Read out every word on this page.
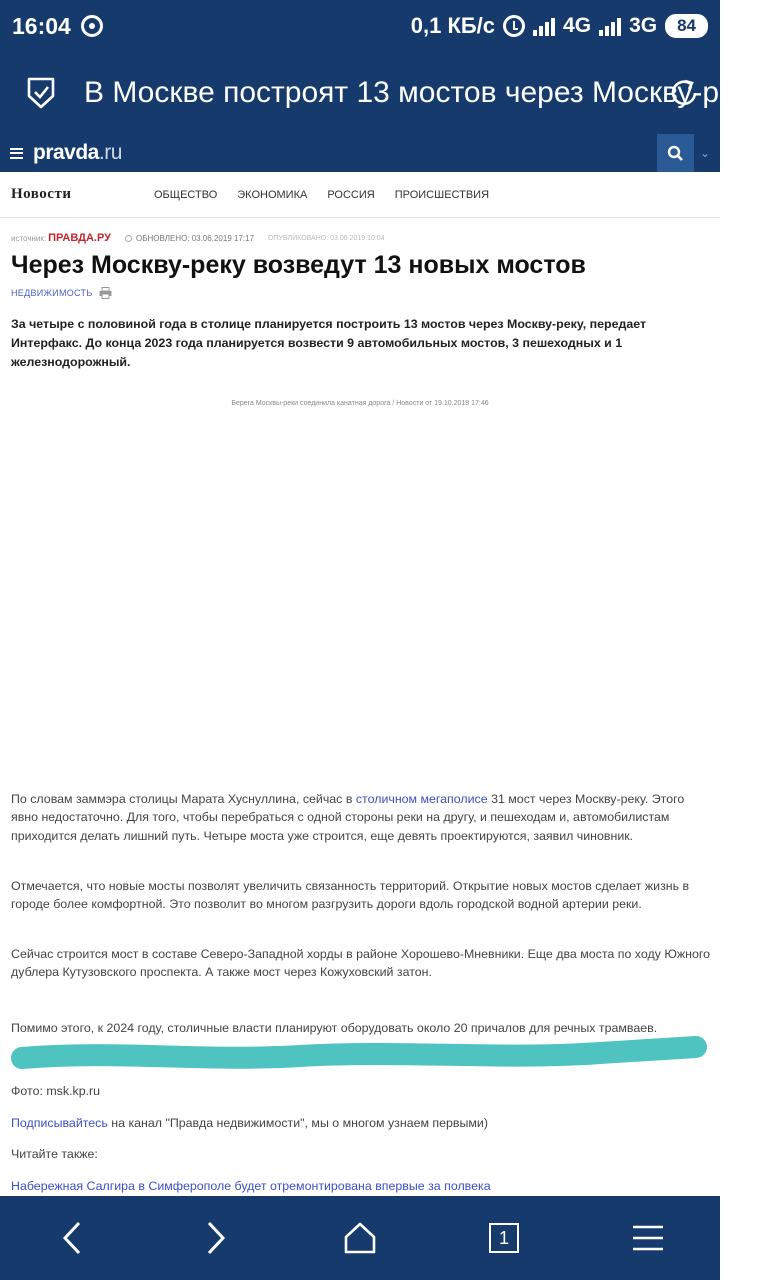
16:04	0,1 КБ/с	4G 3G	84
В Москве построят 13 мостов через Москву-реку
pravda.ru	⌄
Новости	ОБЩЕСТВО ЭКОНОМИКА РОССИЯ ПРОИСШЕСТВИЯ
источник: ПРАВДА.РУ	ОБНОВЛЕНО: 03.06.2019 17:17 ОПУБЛИКОВАНО: 03.06.2019 10:04
Через Москву-реку возведут 13 новых мостов
НЕДВИЖИМОСТЬ

За четыре с половиной года в столице планируется построить 13 мостов через Москву-реку, передает Интерфакс. До конца 2023 года планируется возвести 9 автомобильных мостов, 3 пешеходных и 1 железнодорожный.

Берега Москвы-реки соединила канатная дорога / Новости от 19.10.2018 17:46

По словам заммэра столицы Марата Хуснуллина, сейчас в столичном мегаполисе 31 мост через Москву-реку. Этого явно недостаточно. Для того, чтобы перебраться с одной стороны реки на другу, и пешеходам и, автомобилистам приходится делать лишний путь. Четыре моста уже строится, еще девять проектируются, заявил чиновник.

Отмечается, что новые мосты позволят увеличить связанность территорий. Открытие новых мостов сделает жизнь в городе более комфортной. Это позволит во многом разгрузить дороги вдоль городской водной артерии реки.

Сейчас строится мост в составе Северо-Западной хорды в районе Хорошево-Мневники. Еще два моста по ходу Южного дублера Кутузовского проспекта. А также мост через Кожуховский затон.

Помимо этого, к 2024 году, столичные власти планируют оборудовать около 20 причалов для речных трамваев.

Фото: msk.kp.ru

Подписывайтесь на канал "Правда недвижимости", мы о многом узнаем первыми)

Читайте также:

Набережная Салгира в Симферополе будет отремонтирована впервые за полвека

1
